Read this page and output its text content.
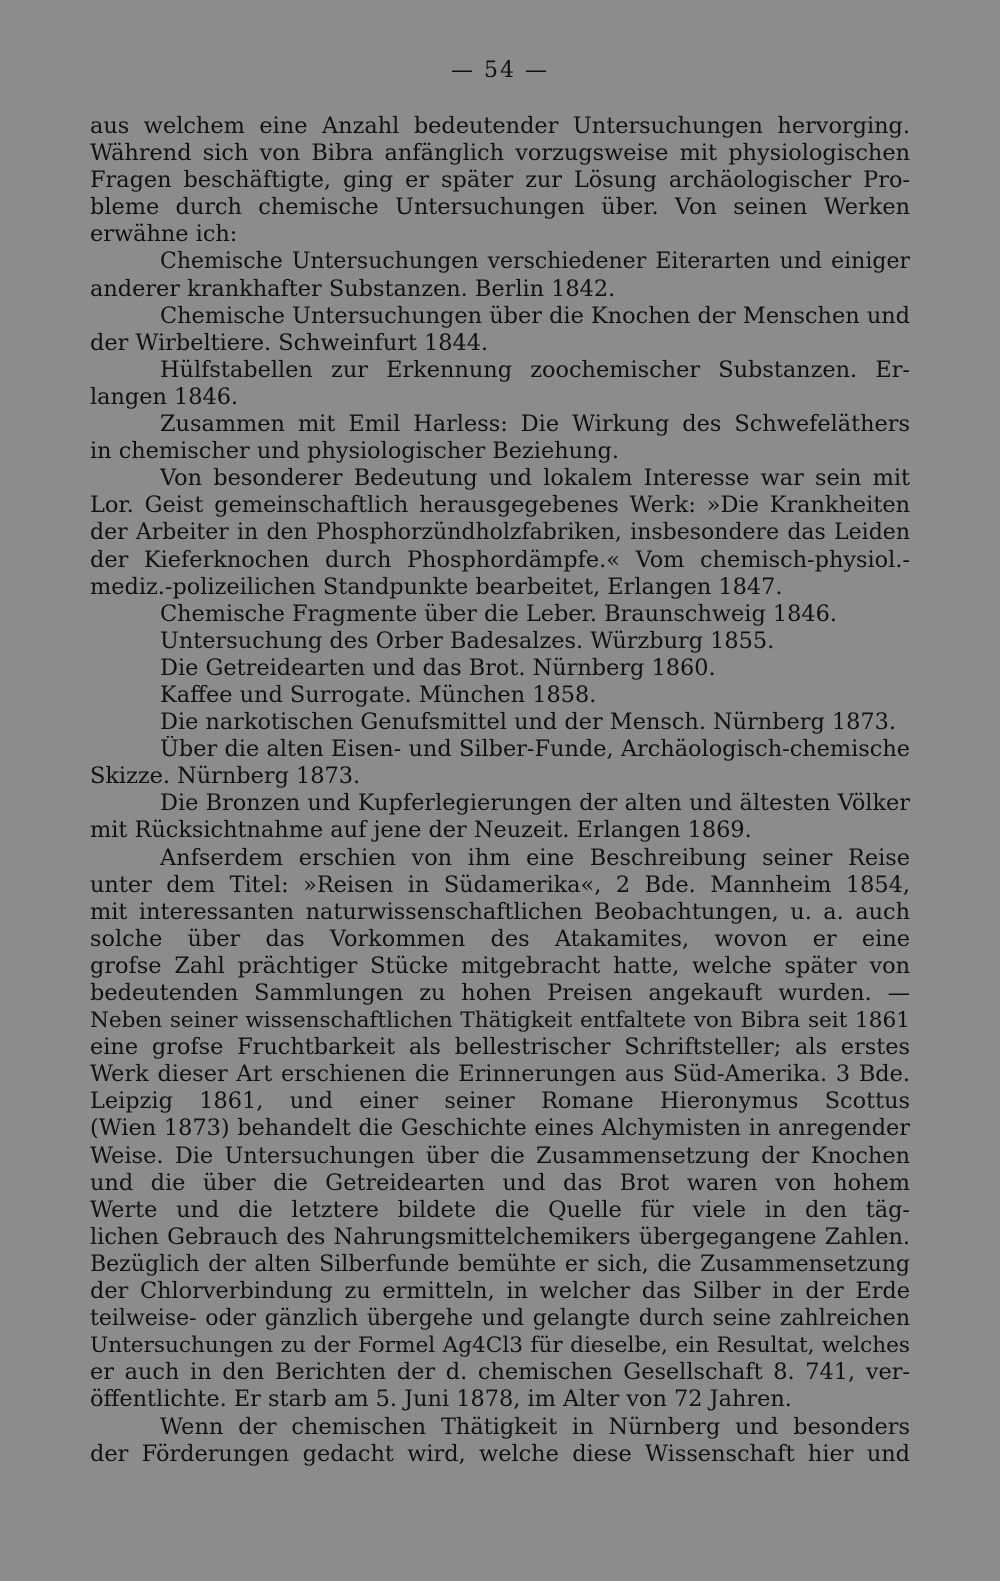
— 54 —
aus welchem eine Anzahl bedeutender Untersuchungen hervorging.
Während sich von Bibra anfänglich vorzugsweise mit physiologischen
Fragen beschäftigte, ging er später zur Lösung archäologischer Pro-
bleme durch chemische Untersuchungen über. Von seinen Werken
erwähne ich:
Chemische Untersuchungen verschiedener Eiterarten und einiger
anderer krankhafter Substanzen. Berlin 1842.
Chemische Untersuchungen über die Knochen der Menschen und
der Wirbeltiere. Schweinfurt 1844.
Hülfstabellen zur Erkennung zoochemischer Substanzen. Er-
langen 1846.
Zusammen mit Emil Harless: Die Wirkung des Schwefeläthers
in chemischer und physiologischer Beziehung.
Von besonderer Bedeutung und lokalem Interesse war sein mit
Lor. Geist gemeinschaftlich herausgegebenes Werk: »Die Krankheiten
der Arbeiter in den Phosphorzündholzfabriken, insbesondere das Leiden
der Kieferknochen durch Phosphordämpfe.« Vom chemisch-physiol.-
mediz.-polizeilichen Standpunkte bearbeitet, Erlangen 1847.
Chemische Fragmente über die Leber. Braunschweig 1846.
Untersuchung des Orber Badesalzes. Würzburg 1855.
Die Getreidearten und das Brot. Nürnberg 1860.
Kaffee und Surrogate. München 1858.
Die narkotischen Genufsmittel und der Mensch. Nürnberg 1873.
Über die alten Eisen- und Silber-Funde, Archäologisch-chemische
Skizze. Nürnberg 1873.
Die Bronzen und Kupferlegierungen der alten und ältesten Völker
mit Rücksichtnahme auf jene der Neuzeit. Erlangen 1869.
Anfserdem erschien von ihm eine Beschreibung seiner Reise
unter dem Titel: »Reisen in Südamerika«, 2 Bde. Mannheim 1854,
mit interessanten naturwissenschaftlichen Beobachtungen, u. a. auch
solche über das Vorkommen des Atakamites, wovon er eine
grofse Zahl prächtiger Stücke mitgebracht hatte, welche später von
bedeutenden Sammlungen zu hohen Preisen angekauft wurden. —
Neben seiner wissenschaftlichen Thätigkeit entfaltete von Bibra seit 1861
eine grofse Fruchtbarkeit als bellestrischer Schriftsteller; als erstes
Werk dieser Art erschienen die Erinnerungen aus Süd-Amerika. 3 Bde.
Leipzig 1861, und einer seiner Romane Hieronymus Scottus
(Wien 1873) behandelt die Geschichte eines Alchymisten in anregender
Weise. Die Untersuchungen über die Zusammensetzung der Knochen
und die über die Getreidearten und das Brot waren von hohem
Werte und die letztere bildete die Quelle für viele in den täg-
lichen Gebrauch des Nahrungsmittelchemikers übergegangene Zahlen.
Bezüglich der alten Silberfunde bemühte er sich, die Zusammensetzung
der Chlorverbindung zu ermitteln, in welcher das Silber in der Erde
teilweise- oder gänzlich übergehe und gelangte durch seine zahlreichen
Untersuchungen zu der Formel Ag4Cl3 für dieselbe, ein Resultat, welches
er auch in den Berichten der d. chemischen Gesellschaft 8. 741, ver-
öffentlichte. Er starb am 5. Juni 1878, im Alter von 72 Jahren.
Wenn der chemischen Thätigkeit in Nürnberg und besonders
der Förderungen gedacht wird, welche diese Wissenschaft hier und
